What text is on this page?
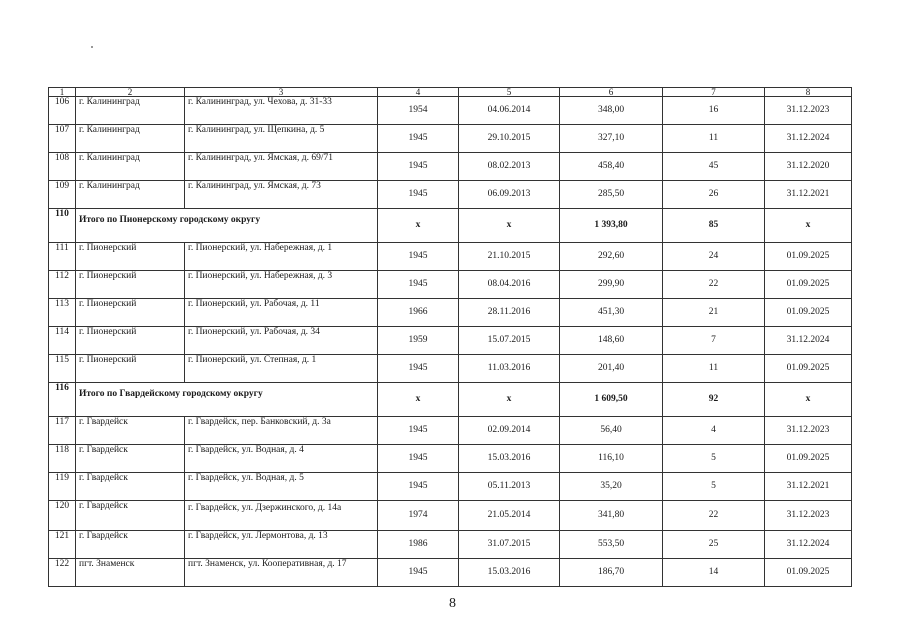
1	2	3	4	5	6	7	8
106	г. Калининград	г. Калининград, ул. Чехова, д. 31-33	1954	04.06.2014	348,00	16	31.12.2023
107	г. Калининград	г. Калининград, ул. Щепкина, д. 5	1945	29.10.2015	327,10	11	31.12.2024
108	г. Калининград	г. Калининград, ул. Ямская, д. 69/71	1945	08.02.2013	458,40	45	31.12.2020
109	г. Калининград	г. Калининград, ул. Ямская, д. 73	1945	06.09.2013	285,50	26	31.12.2021
110	Итого по Пионерскому городскому округу		x	x	1 393,80	85	x
111	г. Пионерский	г. Пионерский, ул. Набережная, д. 1	1945	21.10.2015	292,60	24	01.09.2025
112	г. Пионерский	г. Пионерский, ул. Набережная, д. 3	1945	08.04.2016	299,90	22	01.09.2025
113	г. Пионерский	г. Пионерский, ул. Рабочая, д. 11	1966	28.11.2016	451,30	21	01.09.2025
114	г. Пионерский	г. Пионерский, ул. Рабочая, д. 34	1959	15.07.2015	148,60	7	31.12.2024
115	г. Пионерский	г. Пионерский, ул. Степная, д. 1	1945	11.03.2016	201,40	11	01.09.2025
116	Итого по Гвардейскому городскому округу		x	x	1 609,50	92	x
117	г. Гвардейск	г. Гвардейск, пер. Банковский, д. 3а	1945	02.09.2014	56,40	4	31.12.2023
118	г. Гвардейск	г. Гвардейск, ул. Водная, д. 4	1945	15.03.2016	116,10	5	01.09.2025
119	г. Гвардейск	г. Гвардейск, ул. Водная, д. 5	1945	05.11.2013	35,20	5	31.12.2021
120	г. Гвардейск	г. Гвардейск, ул. Дзержинского, д. 14а	1974	21.05.2014	341,80	22	31.12.2023
121	г. Гвардейск	г. Гвардейск, ул. Лермонтова, д. 13	1986	31.07.2015	553,50	25	31.12.2024
122	пгт. Знаменск	пгт. Знаменск, ул. Кооперативная, д. 17	1945	15.03.2016	186,70	14	01.09.2025
8
